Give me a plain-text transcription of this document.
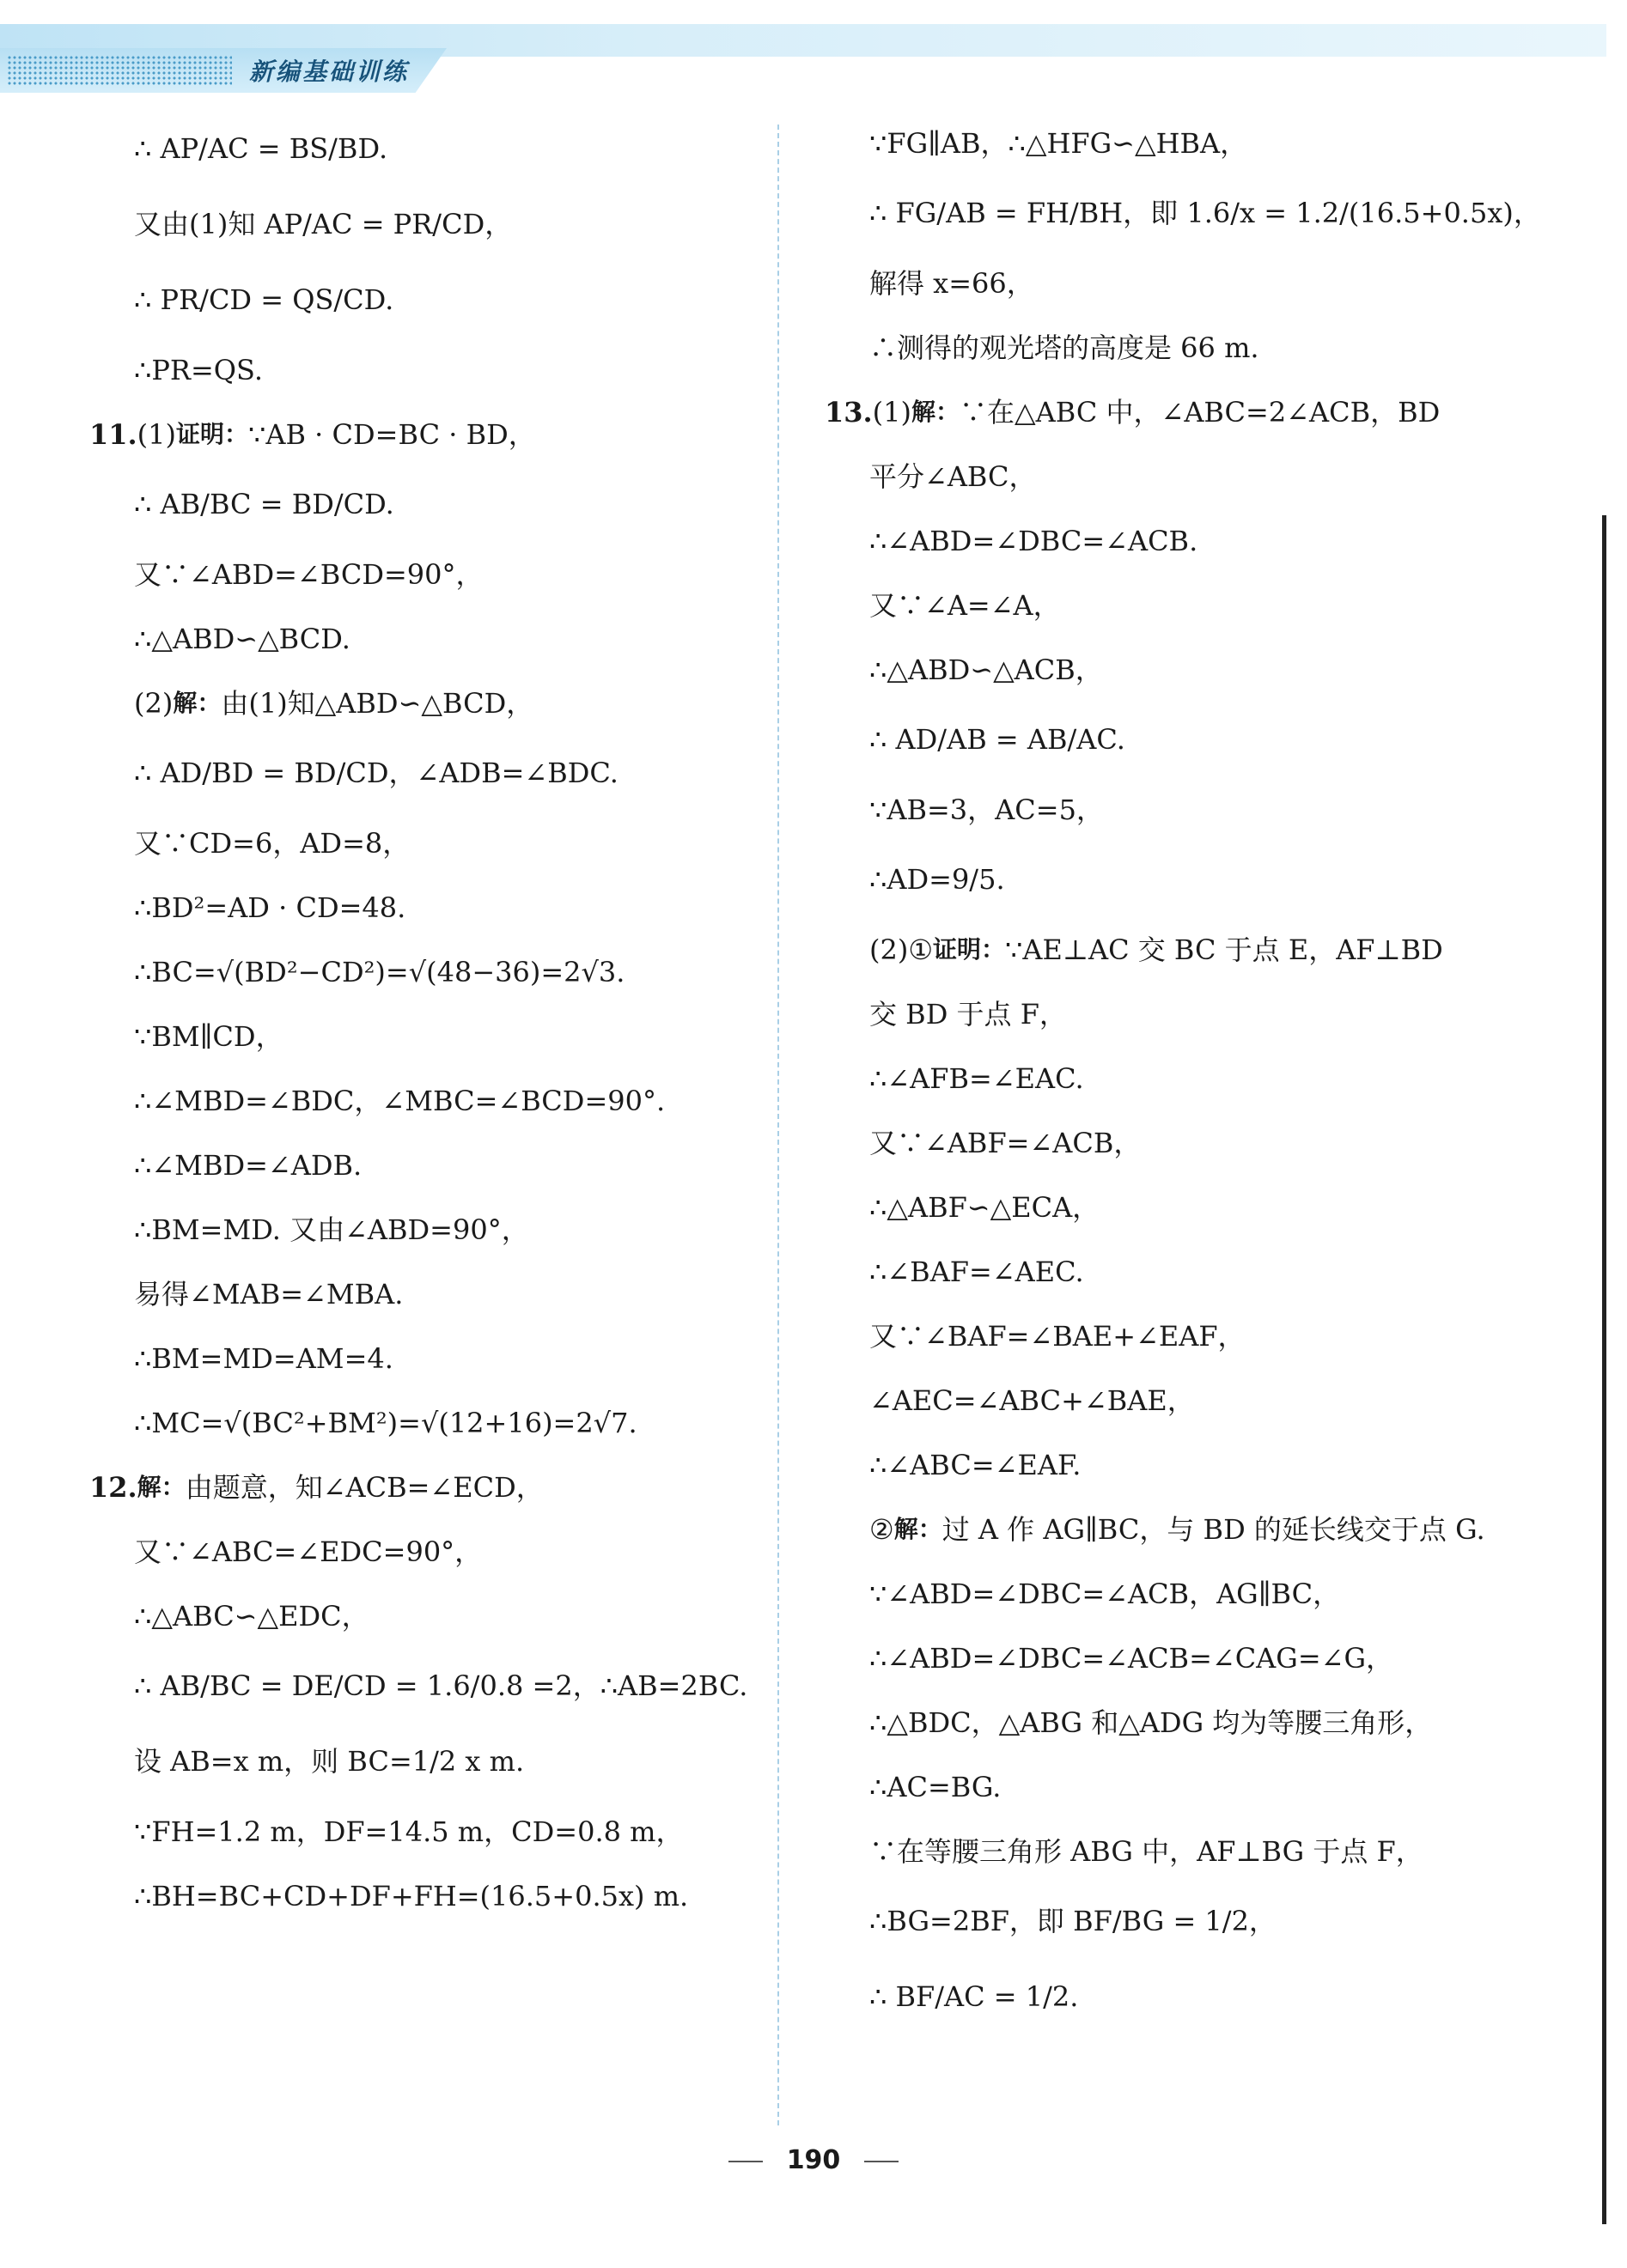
新编基础训练
∴ AP/AC = BS/BD.
又由(1)知 AP/AC = PR/CD，
∴ PR/CD = QS/CD.
∴PR=QS.
11. (1) 证明： ∵AB · CD=BC · BD，
∴ AB/BC = BD/CD.
又∵∠ABD=∠BCD=90°，
∴△ABD∽△BCD.
(2) 解： 由(1)知△ABD∽△BCD，
∴ AD/BD = BD/CD，∠ADB=∠BDC.
又∵CD=6，AD=8，
∴BD²=AD · CD=48.
∴BC=√(BD²−CD²)=√(48−36)=2√3.
∵BM∥CD，
∴∠MBD=∠BDC，∠MBC=∠BCD=90°.
∴∠MBD=∠ADB.
∴BM=MD. 又由∠ABD=90°，
易得∠MAB=∠MBA.
∴BM=MD=AM=4.
∴MC=√(BC²+BM²)=√(12+16)=2√7.
12. 解： 由题意，知∠ACB=∠ECD，
又∵∠ABC=∠EDC=90°，
∴△ABC∽△EDC，
∴ AB/BC = DE/CD = 1.6/0.8 =2，∴AB=2BC.
设 AB=x m，则 BC=1/2 x m.
∵FH=1.2 m，DF=14.5 m，CD=0.8 m，
∴BH=BC+CD+DF+FH=(16.5+0.5x) m.
∵FG∥AB，∴△HFG∽△HBA，
∴ FG/AB = FH/BH，即 1.6/x = 1.2/(16.5+0.5x)，
解得 x=66，
∴测得的观光塔的高度是 66 m.
13. (1) 解： ∵在△ABC 中，∠ABC=2∠ACB，BD
平分∠ABC，
∴∠ABD=∠DBC=∠ACB.
又∵∠A=∠A，
∴△ABD∽△ACB，
∴ AD/AB = AB/AC.
∵AB=3，AC=5，
∴AD=9/5.
(2)① 证明： ∵AE⊥AC 交 BC 于点 E，AF⊥BD
交 BD 于点 F，
∴∠AFB=∠EAC.
又∵∠ABF=∠ACB，
∴△ABF∽△ECA，
∴∠BAF=∠AEC.
又∵∠BAF=∠BAE+∠EAF，
∠AEC=∠ABC+∠BAE，
∴∠ABC=∠EAF.
② 解： 过 A 作 AG∥BC，与 BD 的延长线交于点 G.
∵∠ABD=∠DBC=∠ACB，AG∥BC，
∴∠ABD=∠DBC=∠ACB=∠CAG=∠G，
∴△BDC，△ABG 和△ADG 均为等腰三角形，
∴AC=BG.
∵在等腰三角形 ABG 中，AF⊥BG 于点 F，
∴BG=2BF，即 BF/BG = 1/2，
∴ BF/AC = 1/2.
190
